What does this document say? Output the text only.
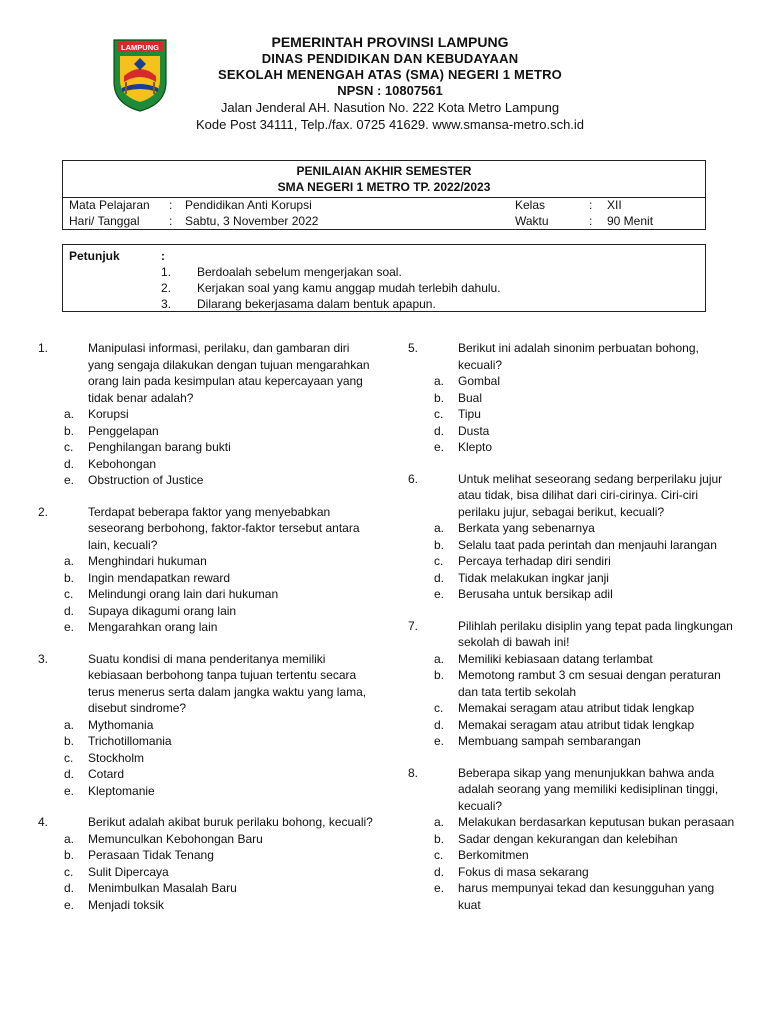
LAMPUNG	PEMERINTAH PROVINSI LAMPUNG
DINAS PENDIDIKAN DAN KEBUDAYAAN
SEKOLAH MENENGAH ATAS (SMA) NEGERI 1 METRO
NPSN : 10807561
Jalan Jenderal AH. Nasution No. 222 Kota Metro Lampung
Kode Post 34111, Telp./fax. 0725 41629. www.smansa-metro.sch.id
PENILAIAN AKHIR SEMESTER
SMA NEGERI 1 METRO TP. 2022/2023
Mata Pelajaran : Pendidikan Anti Korupsi	Kelas	: XII
Hari/ Tanggal : Sabtu, 3 November 2022	Waktu	: 90 Menit
Petunjuk	:
1. Berdoalah sebelum mengerjakan soal.
2. Kerjakan soal yang kamu anggap mudah terlebih dahulu.
3. Dilarang bekerjasama dalam bentuk apapun.
1.	Manipulasi informasi, perilaku, dan gambaran diri yang sengaja dilakukan dengan tujuan mengarahkan orang lain pada kesimpulan atau kepercayaan yang tidak benar adalah?
a. Korupsi
b. Penggelapan
c. Penghilangan barang bukti
d. Kebohongan
e. Obstruction of Justice
2.	Terdapat beberapa faktor yang menyebabkan seseorang berbohong, faktor-faktor tersebut antara lain, kecuali?
a. Menghindari hukuman
b. Ingin mendapatkan reward
c. Melindungi orang lain dari hukuman
d. Supaya dikagumi orang lain
e. Mengarahkan orang lain
3.	Suatu kondisi di mana penderitanya memiliki kebiasaan berbohong tanpa tujuan tertentu secara terus menerus serta dalam jangka waktu yang lama, disebut sindrome?
a. Mythomania
b. Trichotillomania
c. Stockholm
d. Cotard
e. Kleptomanie
4.	Berikut adalah akibat buruk perilaku bohong, kecuali?
a. Memunculkan Kebohongan Baru
b. Perasaan Tidak Tenang
c. Sulit Dipercaya
d. Menimbulkan Masalah Baru
e. Menjadi toksik
5.	Berikut ini adalah sinonim perbuatan bohong, kecuali?
a. Gombal
b. Bual
c. Tipu
d. Dusta
e. Klepto
6.	Untuk melihat seseorang sedang berperilaku jujur atau tidak, bisa dilihat dari ciri-cirinya. Ciri-ciri perilaku jujur, sebagai berikut, kecuali?
a. Berkata yang sebenarnya
b. Selalu taat pada perintah dan menjauhi larangan
c. Percaya terhadap diri sendiri
d. Tidak melakukan ingkar janji
e. Berusaha untuk bersikap adil
7.	Pilihlah perilaku disiplin yang tepat pada lingkungan sekolah di bawah ini!
a. Memiliki kebiasaan datang terlambat
b. Memotong rambut 3 cm sesuai dengan peraturan dan tata tertib sekolah
c. Memakai seragam atau atribut tidak lengkap
d. Memakai seragam atau atribut tidak lengkap
e. Membuang sampah sembarangan
8.	Beberapa sikap yang menunjukkan bahwa anda adalah seorang yang memiliki kedisiplinan tinggi, kecuali?
a. Melakukan berdasarkan keputusan bukan perasaan
b. Sadar dengan kekurangan dan kelebihan
c. Berkomitmen
d. Fokus di masa sekarang
e. harus mempunyai tekad dan kesungguhan yang kuat
